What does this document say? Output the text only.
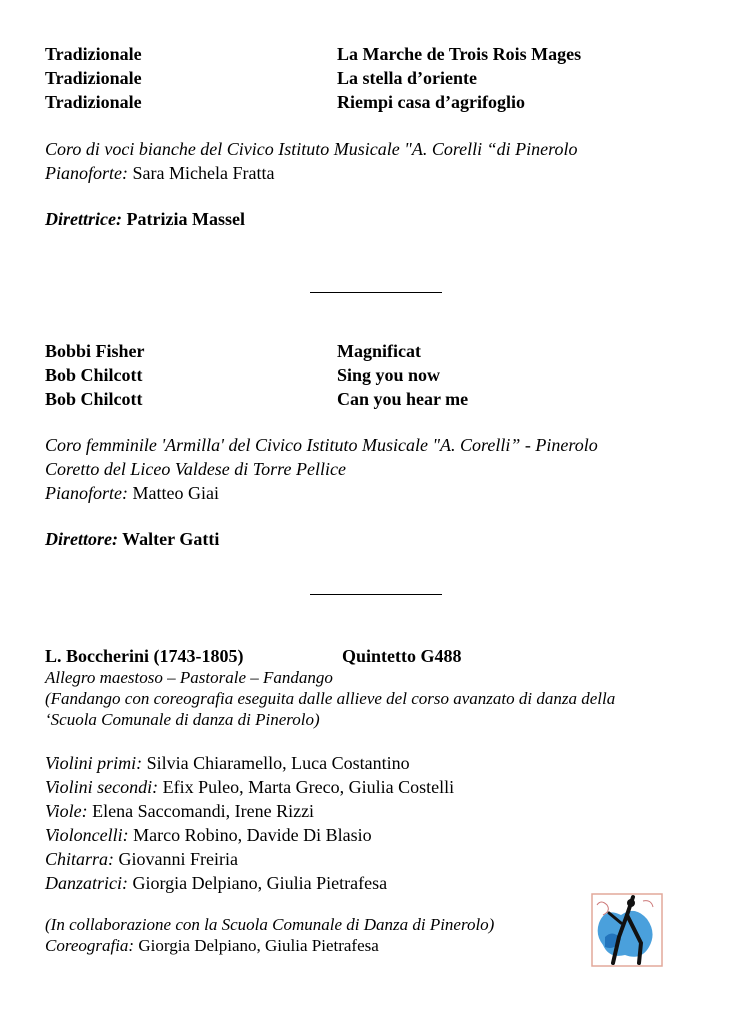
Tradizionale	La Marche de Trois Rois Mages
Tradizionale	La stella d’oriente
Tradizionale	Riempi casa d’agrifoglio
Coro di voci bianche del Civico Istituto Musicale "A. Corelli “di Pinerolo
Pianoforte: Sara Michela Fratta
Direttrice: Patrizia Massel
Bobbi Fisher	Magnificat
Bob Chilcott	Sing you now
Bob Chilcott	Can you hear me
Coro femminile 'Armilla' del Civico Istituto Musicale "A. Corelli” - Pinerolo
Coretto del Liceo Valdese di Torre Pellice
Pianoforte: Matteo Giai
Direttore: Walter Gatti
L. Boccherini (1743-1805)	Quintetto G488
Allegro maestoso – Pastorale – Fandango
(Fandango con coreografia eseguita dalle allieve del corso avanzato di danza della
‘Scuola Comunale di danza di Pinerolo)
Violini primi: Silvia Chiaramello, Luca Costantino
Violini secondi: Efix Puleo, Marta Greco, Giulia Costelli
Viole: Elena Saccomandi, Irene Rizzi
Violoncelli: Marco Robino, Davide Di Blasio
Chitarra: Giovanni Freiria
Danzatrici: Giorgia Delpiano, Giulia Pietrafesa
(In collaborazione con la Scuola Comunale di Danza di Pinerolo)
Coreografia: Giorgia Delpiano, Giulia Pietrafesa
